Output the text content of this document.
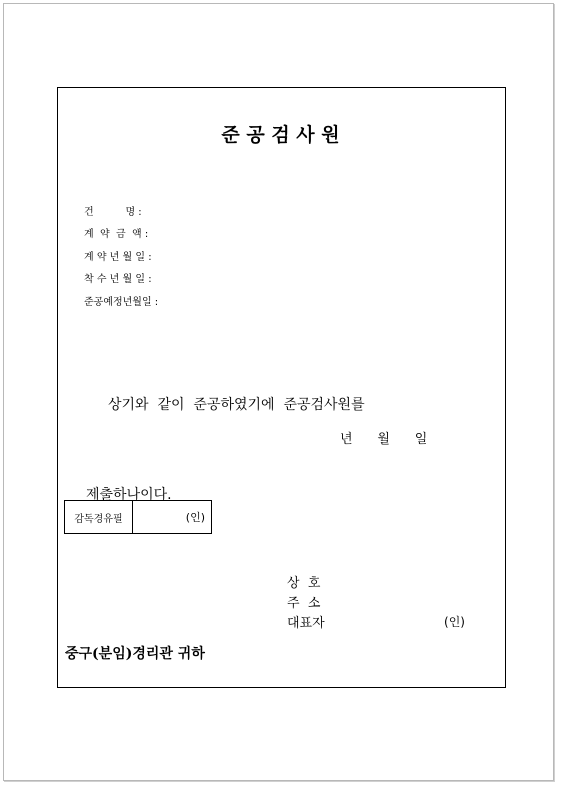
준 공 검 사 원
건          명 :
계  약  금  액 :
계 약 년 월 일 :
착 수 년 월 일 :
준공예정년월일 :

상기와  같이  준공하였기에  준공검사원를

제출하나이다.

년      월      일
감독경유필	(인)
상  호
주  소
대표자	(인)
중구(분임)경리관 귀하
